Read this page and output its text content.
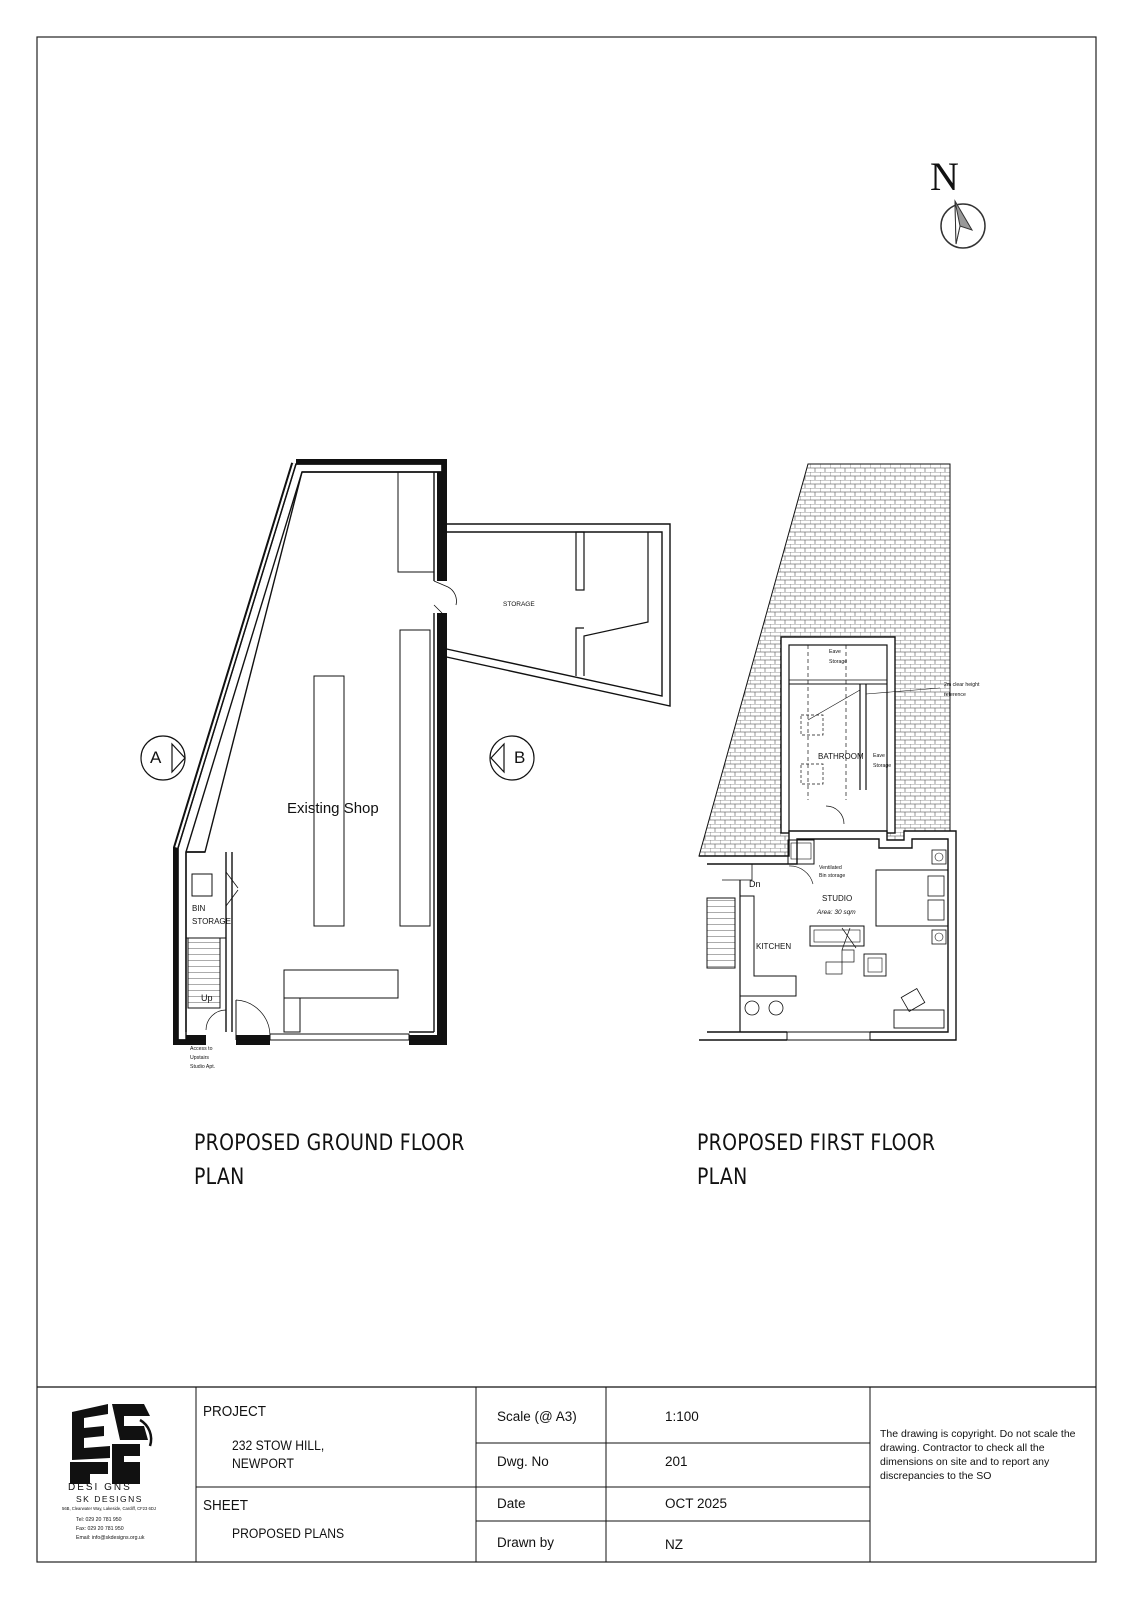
N
A	B
Existing Shop
STORAGE
BIN
STORAGE
Up
Access to
Upstairs
Studio Apt.
Eave
Storage
2m clear height
reference
BATHROOM Eave
Storage
Ventilated
Bin storage
Dn
STUDIO
Area: 30 sqm
KITCHEN
PROPOSED GROUND FLOOR
PLAN
PROPOSED FIRST FLOOR
PLAN
DESI GNS
SK DESIGNS
56B, Clearwater Way, Lakeside, Cardiff, CF23 6DJ
Tel: 029 20 781 950
Fax: 029 20 781 950
Email: info@skdesigns.org.uk
PROJECT
232 STOW HILL,
NEWPORT
SHEET
PROPOSED PLANS
Scale (@ A3)	1:100
Dwg. No	201
Date	OCT 2025
Drawn by	NZ
The drawing is copyright. Do not scale the
drawing. Contractor to check all the
dimensions on site and to report any
discrepancies to the SO
